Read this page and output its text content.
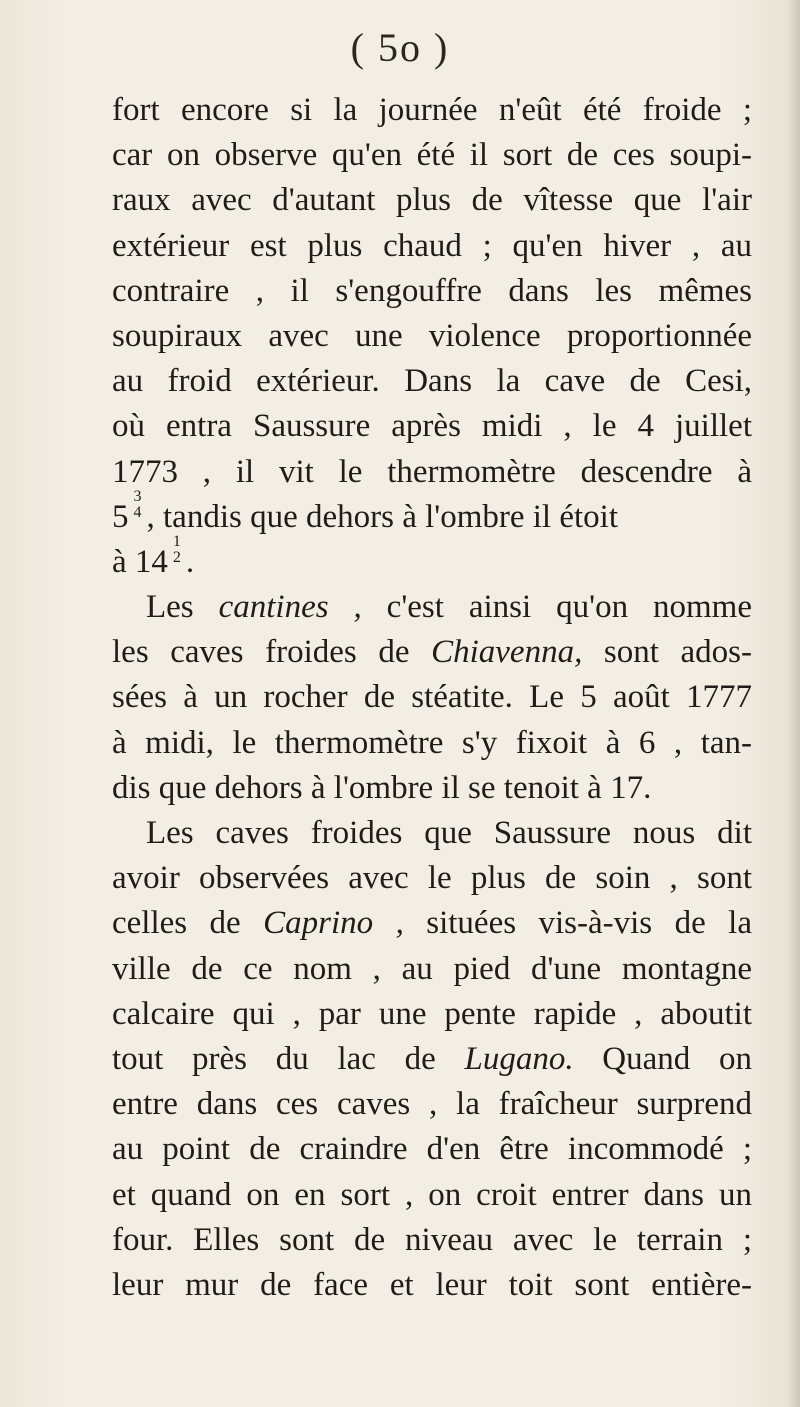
( 5o )
fort encore si la journée n'eût été froide ;
car on observe qu'en été il sort de ces soupi-
raux avec d'autant plus de vîtesse que l'air
extérieur est plus chaud ; qu'en hiver , au
contraire , il s'engouffre dans les mêmes
soupiraux avec une violence proportionnée
au froid extérieur. Dans la cave de Cesi,
où entra Saussure après midi , le 4 juillet
1773 , il vit le thermomètre descendre à
5
3
4 , tandis que dehors à l'ombre il étoit
à 14
1
2 .
Les cantines , c'est ainsi qu'on nomme
les caves froides de Chiavenna, sont ados-
sées à un rocher de stéatite. Le 5 août 1777
à midi, le thermomètre s'y fixoit à 6 , tan-
dis que dehors à l'ombre il se tenoit à 17.
Les caves froides que Saussure nous dit
avoir observées avec le plus de soin , sont
celles de Caprino , situées vis-à-vis de la
ville de ce nom , au pied d'une montagne
calcaire qui , par une pente rapide , aboutit
tout près du lac de Lugano. Quand on
entre dans ces caves , la fraîcheur surprend
au point de craindre d'en être incommodé ;
et quand on en sort , on croit entrer dans un
four. Elles sont de niveau avec le terrain ;
leur mur de face et leur toit sont entière-
